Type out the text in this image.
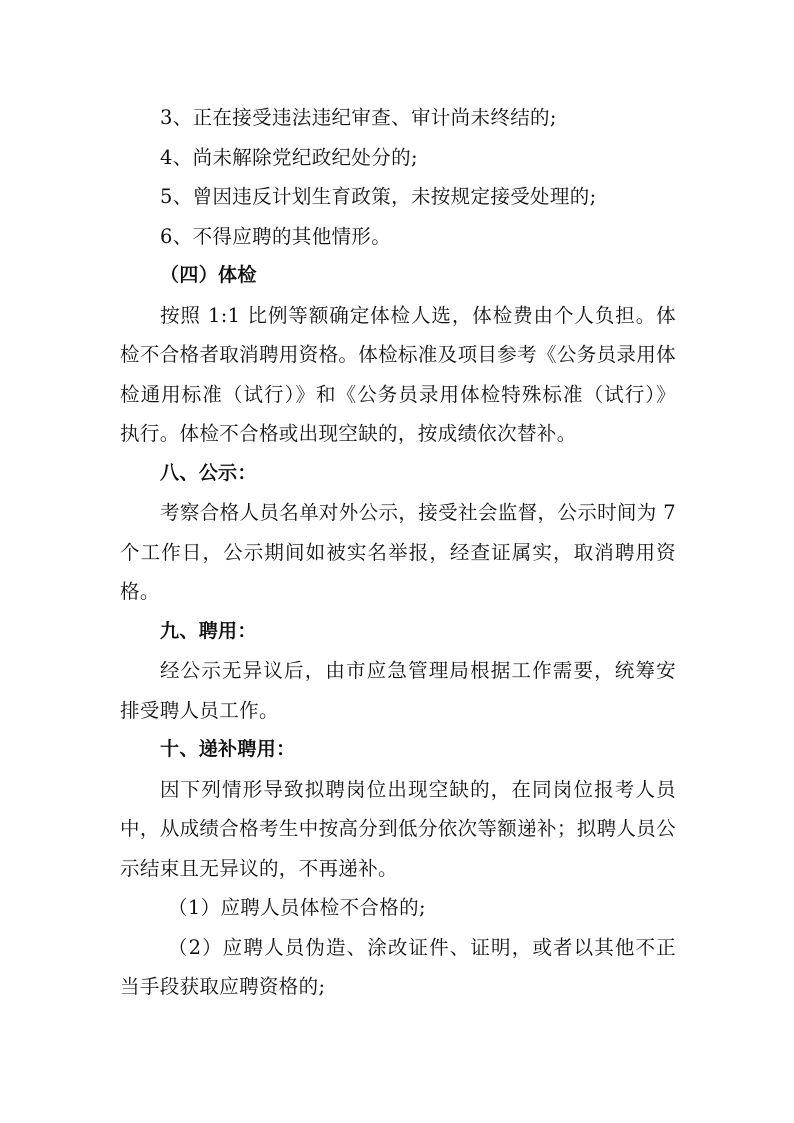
3、正在接受违法违纪审查、审计尚未终结的;

4、尚未解除党纪政纪处分的;

5、曾因违反计划生育政策，未按规定接受处理的;

6、不得应聘的其他情形。

（四）体检

按照 1:1 比例等额确定体检人选，体检费由个人负担。体检不合格者取消聘用资格。体检标准及项目参考《公务员录用体检通用标准（试行）》和《公务员录用体检特殊标准（试行）》执行。体检不合格或出现空缺的，按成绩依次替补。

八、公示：

考察合格人员名单对外公示，接受社会监督，公示时间为 7 个工作日，公示期间如被实名举报，经查证属实，取消聘用资格。

九、聘用：

经公示无异议后，由市应急管理局根据工作需要，统筹安排受聘人员工作。

十、递补聘用：

因下列情形导致拟聘岗位出现空缺的，在同岗位报考人员中，从成绩合格考生中按高分到低分依次等额递补；拟聘人员公示结束且无异议的，不再递补。

（1）应聘人员体检不合格的;

（2）应聘人员伪造、涂改证件、证明，或者以其他不正当手段获取应聘资格的;
